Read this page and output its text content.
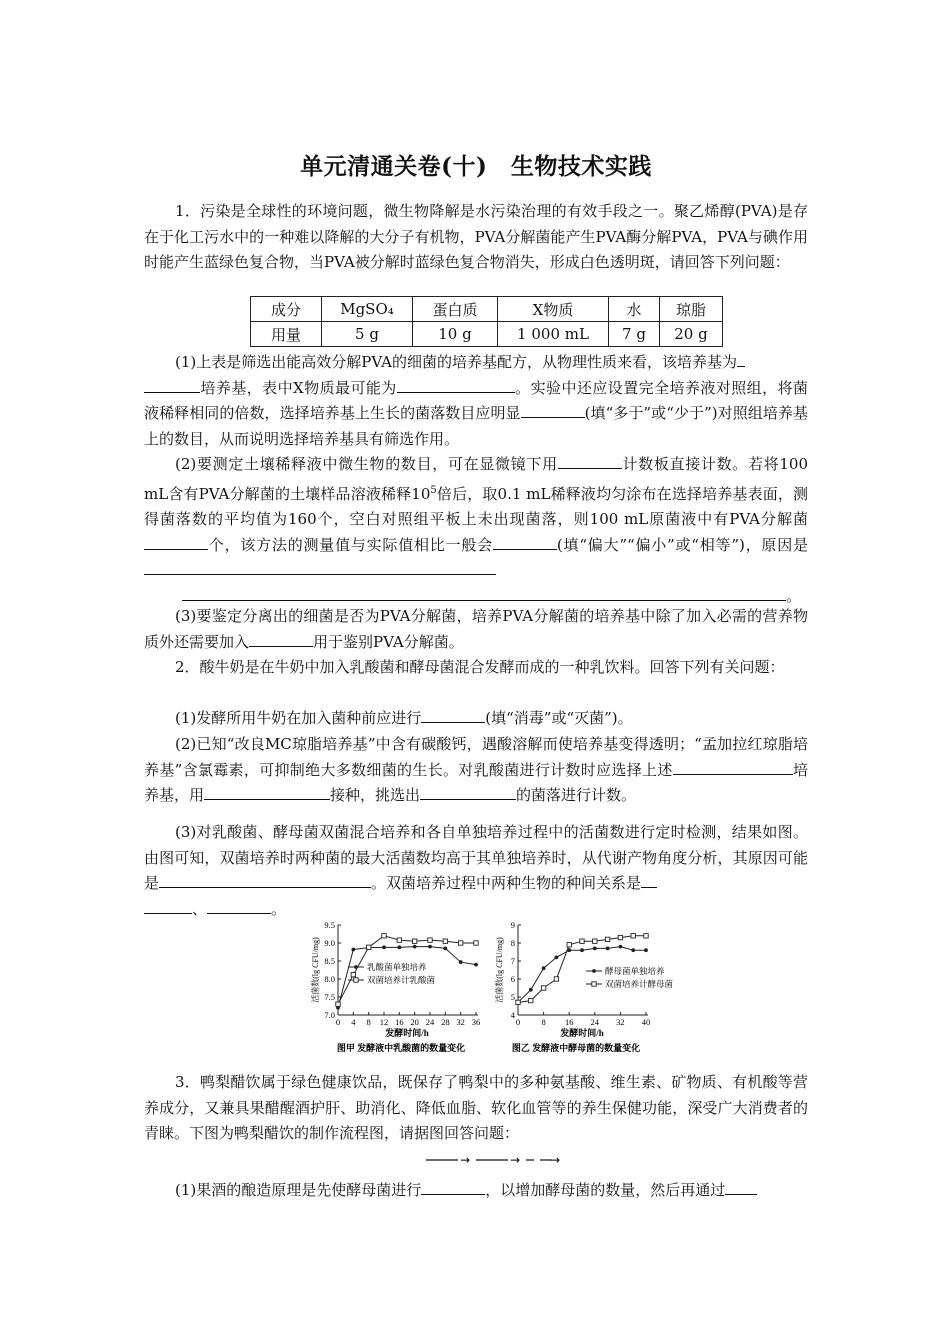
单元清通关卷(十)　生物技术实践

1．污染是全球性的环境问题，微生物降解是水污染治理的有效手段之一。聚乙烯醇(PVA)是存在于化工污水中的一种难以降解的大分子有机物，PVA分解菌能产生PVA酶分解PVA，PVA与碘作用时能产生蓝绿色复合物，当PVA被分解时蓝绿色复合物消失，形成白色透明斑，请回答下列问题：

成分	MgSO₄	蛋白质	X物质	水	琼脂
用量	5 g	10 g	1 000 mL	7 g	20 g

(1)上表是筛选出能高效分解PVA的细菌的培养基配方，从物理性质来看，该培养基为
培养基，表中X物质最可能为	。实验中还应设置完全培养液对照组，将菌液稀释相同的倍数，选择培养基上生长的菌落数目应明显	(填“多于”或“少于”)对照组培养基上的数目，从而说明选择培养基具有筛选作用。

(2)要测定土壤稀释液中微生物的数目，可在显微镜下用	计数板直接计数。若将100 mL含有PVA分解菌的土壤样品溶液稀释$10^5$倍后，取0.1 mL稀释液均匀涂布在选择培养基表面，测得菌落数的平均值为160个，空白对照组平板上未出现菌落，则100 mL原菌液中有PVA分解菌个，该方法的测量值与实际值相比一般会	(填“偏大”“偏小”或“相等”)，原因是
。

(3)要鉴定分离出的细菌是否为PVA分解菌，培养PVA分解菌的培养基中除了加入必需的营养物质外还需要加入	用于鉴别PVA分解菌。

2．酸牛奶是在牛奶中加入乳酸菌和酵母菌混合发酵而成的一种乳饮料。回答下列有关问题：

(1)发酵所用牛奶在加入菌种前应进行	(填“消毒”或“灭菌”)。

(2)已知“改良MC琼脂培养基”中含有碳酸钙，遇酸溶解而使培养基变得透明；“孟加拉红琼脂培养基”含氯霉素，可抑制绝大多数细菌的生长。对乳酸菌进行计数时应选择上述	培养基，用	接种，挑选出	的菌落进行计数。

(3)对乳酸菌、酵母菌双菌混合培养和各自单独培养过程中的活菌数进行定时检测，结果如图。由图可知，双菌培养时两种菌的最大活菌数均高于其单独培养时，从代谢产物角度分析，其原因可能是	。双菌培养过程中两种生物的种间关系是
、	。

7.0
7.5
8.0
8.5
9.0
9.5
0 4 8 12 16 20 24 28 32 36
发酵时间/h
图甲 发酵液中乳酸菌的数量变化
活菌数(lg CFU/mg)	乳酸菌单独培养
双菌培养计乳酸菌
4
5
6
7
8
9
0	8 16 24 32 40
发酵时间/h
图乙 发酵液中酵母菌的数量变化
活菌数(lg CFU/mg)	酵母菌单独培养
双菌培养计酵母菌

3．鸭梨醋饮属于绿色健康饮品，既保存了鸭梨中的多种氨基酸、维生素、矿物质、有机酸等营养成分，又兼具果醋醒酒护肝、助消化、降低血脂、软化血管等的养生保健功能，深受广大消费者的青睐。下图为鸭梨醋饮的制作流程图，请据图回答问题：

→	→ →

(1)果酒的酿造原理是先使酵母菌进行	，以增加酵母菌的数量，然后再通过
